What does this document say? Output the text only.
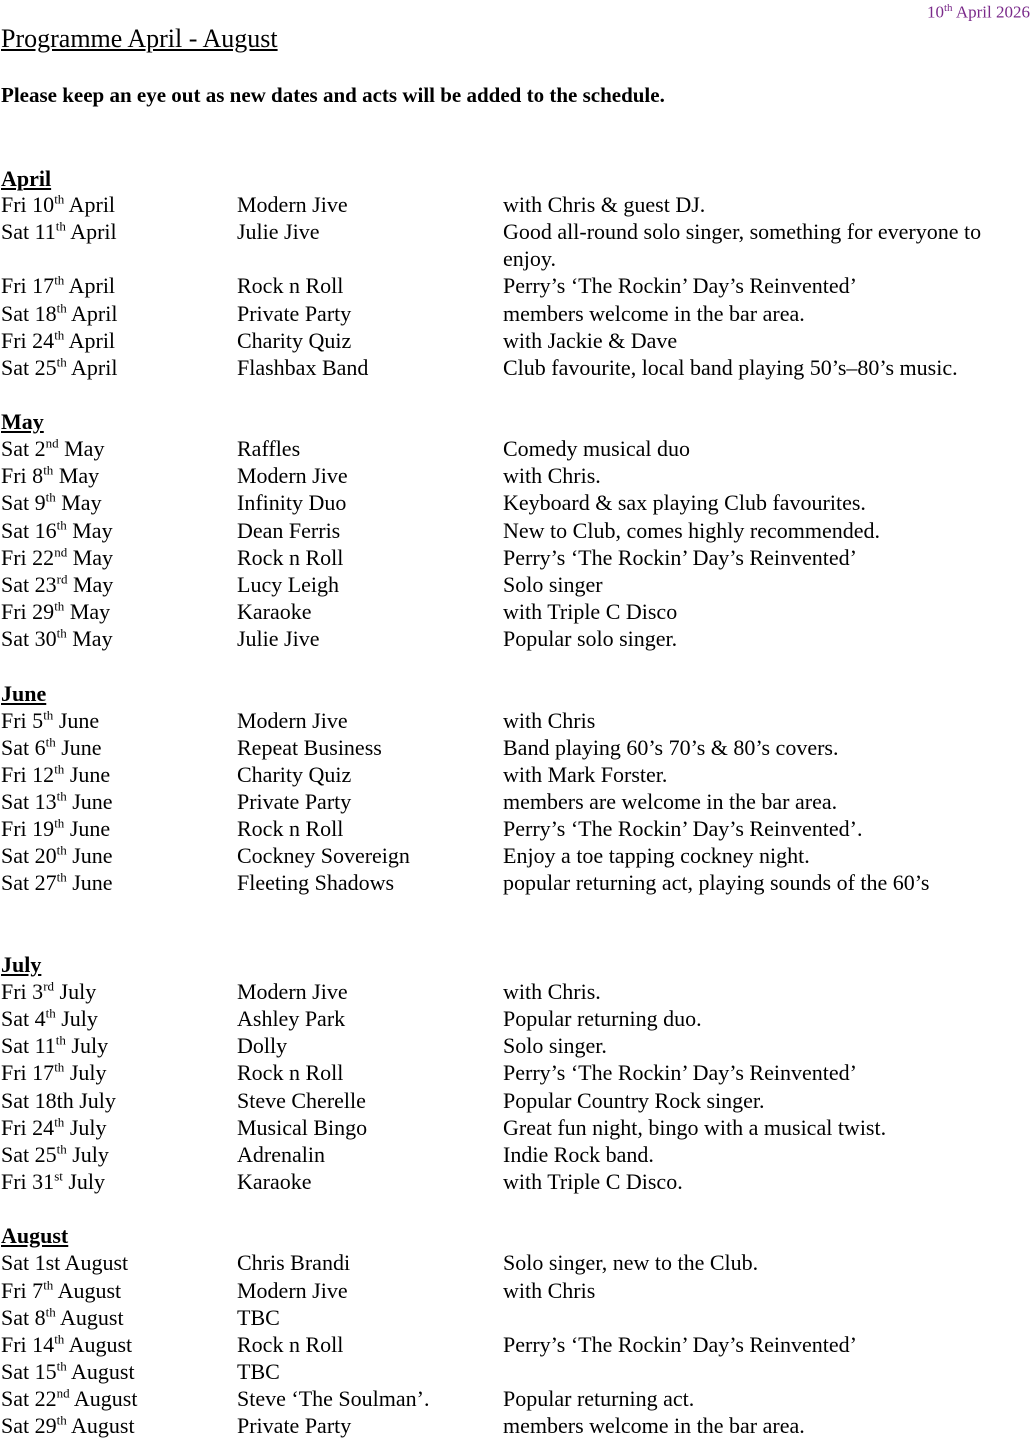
10th April 2026
Programme April - August
Please keep an eye out as new dates and acts will be added to the schedule.
April
Fri 10th April	Modern Jive	with Chris & guest DJ.
Sat 11th April	Julie Jive	Good all-round solo singer, something for everyone to enjoy.
Fri 17th April	Rock n Roll	Perry’s ‘The Rockin’ Day’s Reinvented’
Sat 18th April	Private Party	members welcome in the bar area.
Fri 24th April	Charity Quiz	with Jackie & Dave
Sat 25th April	Flashbax Band	Club favourite, local band playing 50’s–80’s music.
May
Sat 2nd May	Raffles	Comedy musical duo
Fri 8th May	Modern Jive	with Chris.
Sat 9th May	Infinity Duo	Keyboard & sax playing Club favourites.
Sat 16th May	Dean Ferris	New to Club, comes highly recommended.
Fri 22nd May	Rock n Roll	Perry’s ‘The Rockin’ Day’s Reinvented’
Sat 23rd May	Lucy Leigh	Solo singer
Fri 29th May	Karaoke	with Triple C Disco
Sat 30th May	Julie Jive	Popular solo singer.
June
Fri 5th June	Modern Jive	with Chris
Sat 6th June	Repeat Business	Band playing 60’s 70’s & 80’s covers.
Fri 12th June	Charity Quiz	with Mark Forster.
Sat 13th June	Private Party	members are welcome in the bar area.
Fri 19th June	Rock n Roll	Perry’s ‘The Rockin’ Day’s Reinvented’.
Sat 20th June	Cockney Sovereign	Enjoy a toe tapping cockney night.
Sat 27th June	Fleeting Shadows	popular returning act, playing sounds of the 60’s
July
Fri 3rd July	Modern Jive	with Chris.
Sat 4th July	Ashley Park	Popular returning duo.
Sat 11th July	Dolly	Solo singer.
Fri 17th July	Rock n Roll	Perry’s ‘The Rockin’ Day’s Reinvented’
Sat 18th July	Steve Cherelle	Popular Country Rock singer.
Fri 24th July	Musical Bingo	Great fun night, bingo with a musical twist.
Sat 25th July	Adrenalin	Indie Rock band.
Fri 31st July	Karaoke	with Triple C Disco.
August
Sat 1st August	Chris Brandi	Solo singer, new to the Club.
Fri 7th August	Modern Jive	with Chris
Sat 8th August	TBC
Fri 14th August	Rock n Roll	Perry’s ‘The Rockin’ Day’s Reinvented’
Sat 15th August	TBC
Sat 22nd August	Steve ‘The Soulman’.	Popular returning act.
Sat 29th August	Private Party	members welcome in the bar area.
